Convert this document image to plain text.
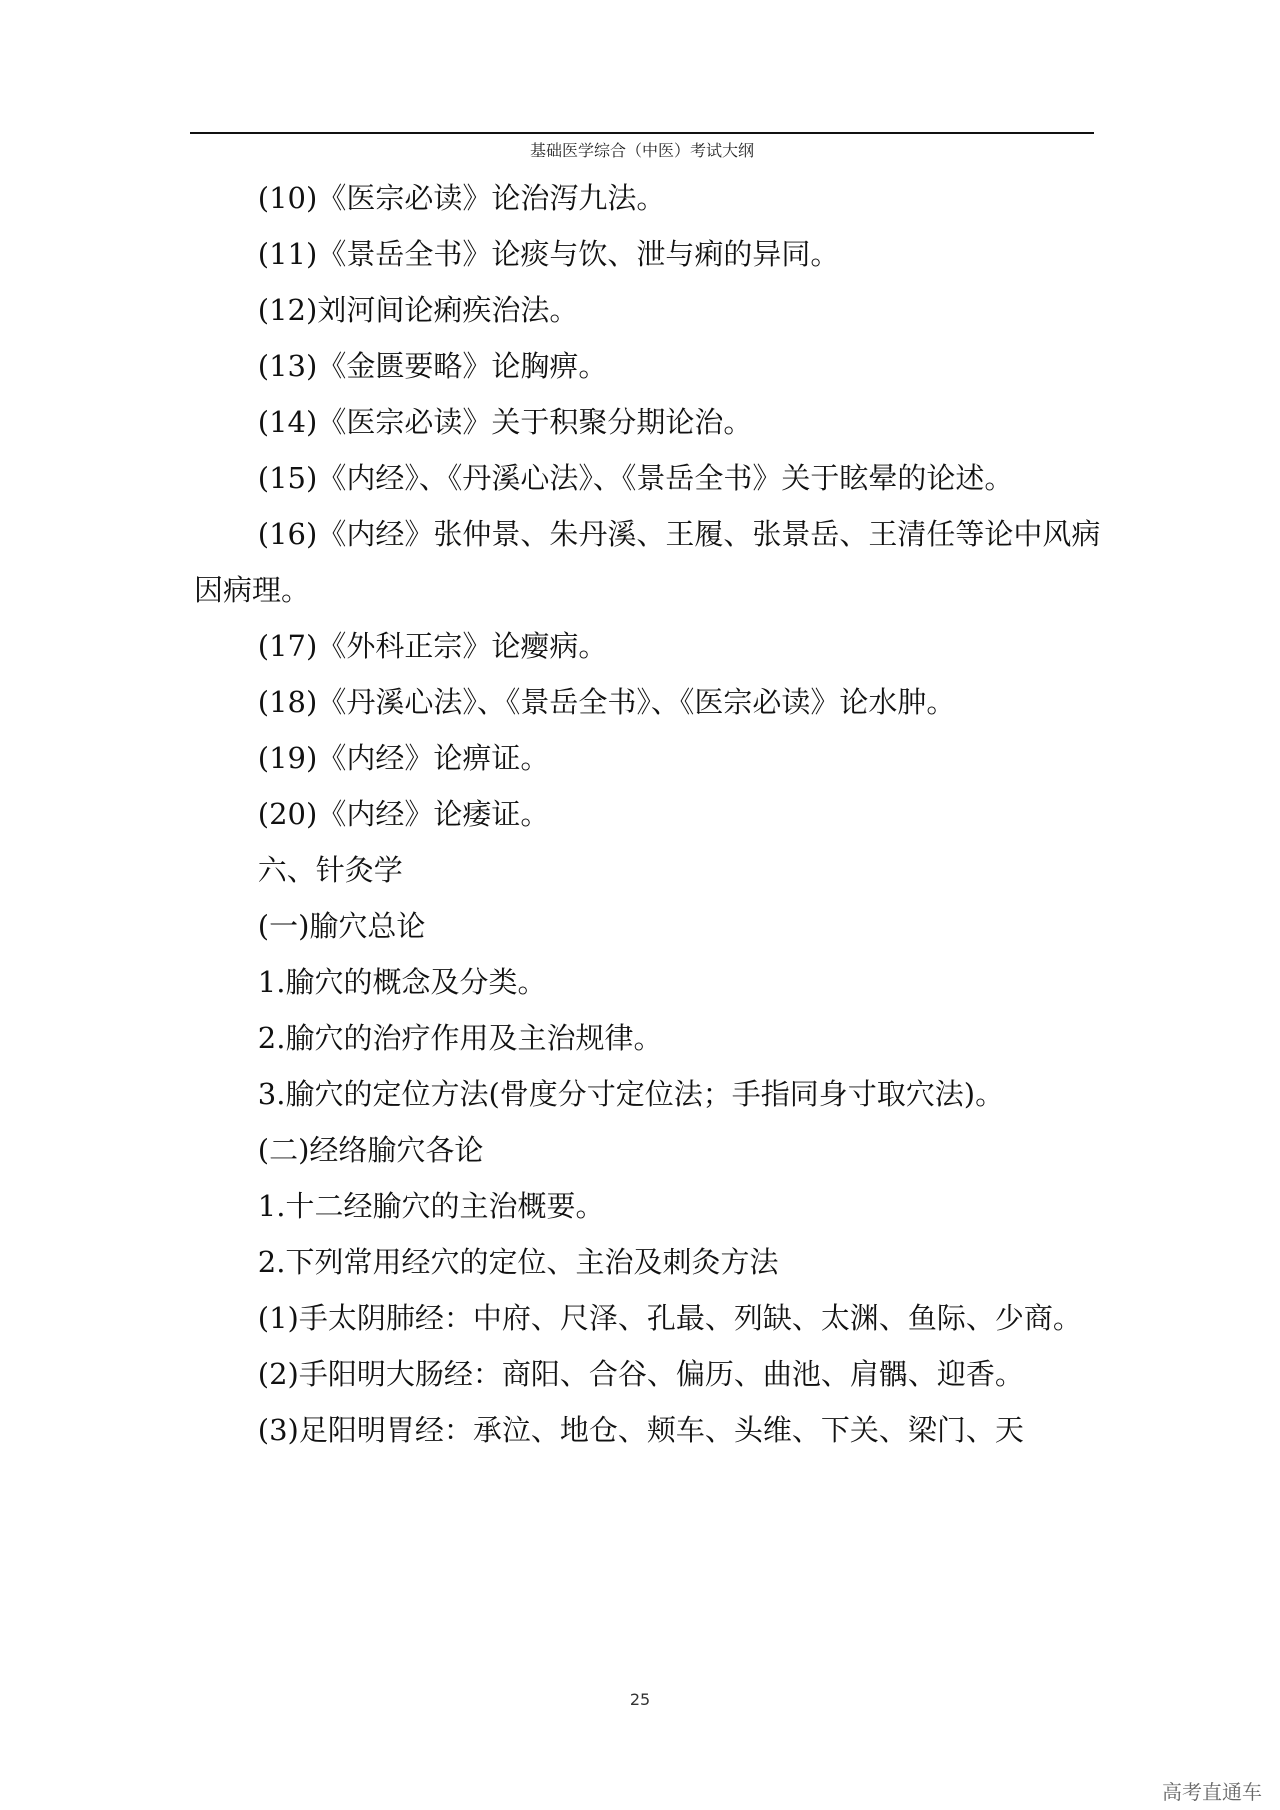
基础医学综合（中医）考试大纲

(10)《医宗必读》论治泻九法。

(11)《景岳全书》论痰与饮、泄与痢的异同。

(12)刘河间论痢疾治法。

(13)《金匮要略》论胸痹。

(14)《医宗必读》关于积聚分期论治。

(15)《内经》、《丹溪心法》、《景岳全书》关于眩晕的论述。

(16)《内经》张仲景、朱丹溪、王履、张景岳、王清任等论中风病因病理。

(17)《外科正宗》论瘿病。

(18)《丹溪心法》、《景岳全书》、《医宗必读》论水肿。

(19)《内经》论痹证。

(20)《内经》论痿证。

六、针灸学

(一)腧穴总论

1.腧穴的概念及分类。

2.腧穴的治疗作用及主治规律。

3.腧穴的定位方法(骨度分寸定位法；手指同身寸取穴法)。

(二)经络腧穴各论

1.十二经腧穴的主治概要。

2.下列常用经穴的定位、主治及刺灸方法

(1)手太阴肺经：中府、尺泽、孔最、列缺、太渊、鱼际、少商。

(2)手阳明大肠经：商阳、合谷、偏历、曲池、肩髃、迎香。

(3)足阳明胃经：承泣、地仓、颊车、头维、下关、梁门、天

25
高考直通车
